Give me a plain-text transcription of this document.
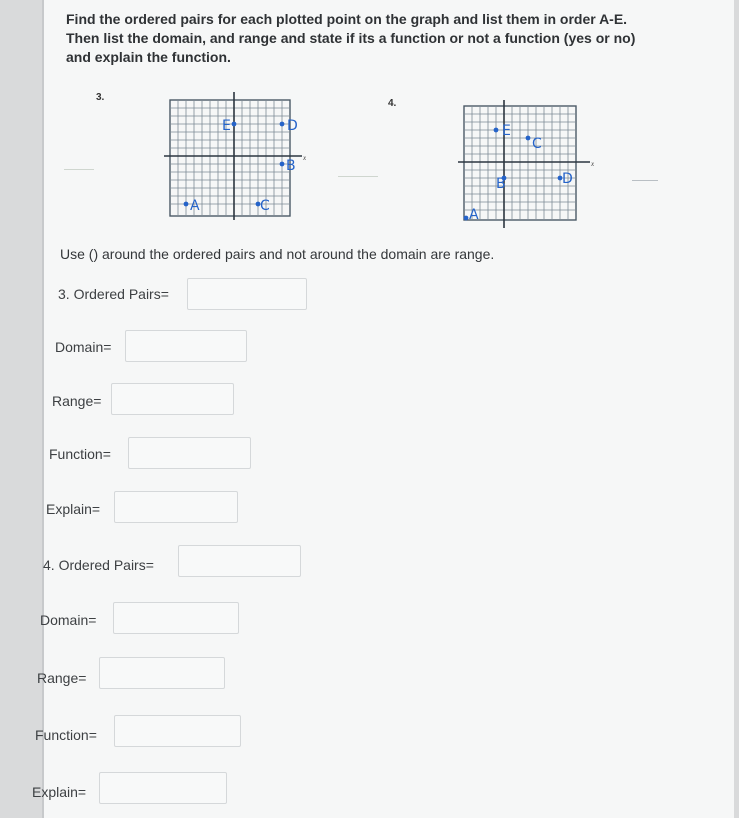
Find the ordered pairs for each plotted point on the graph and list them in order A-E.
Then list the domain, and range and state if its a function or not a function (yes or no)
and explain the function.
3.
x
A
B
C
D
E
4.
x
A
B
C
D
E
Use () around the ordered pairs and not around the domain are range.
3. Ordered Pairs=
Domain=
Range=
Function=
Explain=
4. Ordered Pairs=
Domain=
Range=
Function=
Explain=
